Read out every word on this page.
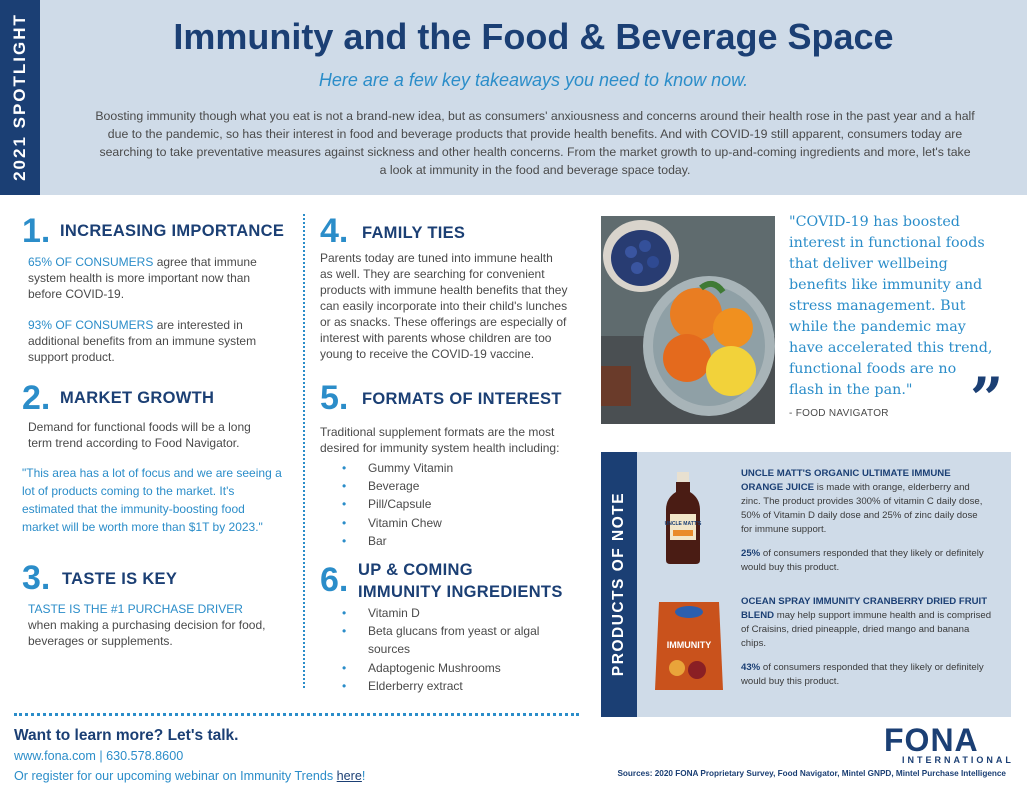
2021 SPOTLIGHT	Immunity and the Food & Beverage Space
Here are a few key takeaways you need to know now.

Boosting immunity though what you eat is not a brand-new idea, but as consumers' anxiousness and concerns around their health rose in the past year and a half due to the pandemic, so has their interest in food and beverage products that provide health benefits. And with COVID-19 still apparent, consumers today are searching to take preventative measures against sickness and other health concerns. From the market growth to up-and-coming ingredients and more, let's take a look at immunity in the food and beverage space today.

1. INCREASING IMPORTANCE

65% OF CONSUMERS agree that immune system health is more important now than before COVID-19.

93% OF CONSUMERS are interested in additional benefits from an immune system support product.

2. MARKET GROWTH

Demand for functional foods will be a long term trend according to Food Navigator.

"This area has a lot of focus and we are seeing a lot of products coming to the market. It's estimated that the immunity-boosting food market will be worth more than $1T by 2023."

3. TASTE IS KEY

TASTE IS THE #1 PURCHASE DRIVER
when making a purchasing decision for food, beverages or supplements.

4. FAMILY TIES

Parents today are tuned into immune health as well. They are searching for convenient products with immune health benefits that they can easily incorporate into their child's lunches or as snacks. These offerings are especially of interest with parents whose children are too young to receive the COVID-19 vaccine.

5. FORMATS OF INTEREST

Traditional supplement formats are the most desired for immunity system health including:

• Gummy Vitamin
• Beverage
• Pill/Capsule
• Vitamin Chew
• Bar
6. UP & COMING
IMMUNITY INGREDIENTS
• Vitamin D
• Beta glucans from yeast or algal sources
• Adaptogenic Mushrooms
• Elderberry extract

"COVID-19 has boosted interest in functional foods that deliver wellbeing benefits like immunity and stress management. But while the pandemic may have accelerated this trend, functional foods are no flash in the pan."

- FOOD NAVIGATOR ”
PRODUCTS OF NOTE	UNCLE MATT'S

UNCLE MATT'S ORGANIC ULTIMATE IMMUNE ORANGE JUICE is made with orange, elderberry and zinc. The product provides 300% of vitamin C daily dose, 50% of Vitamin D daily dose and 25% of zinc daily dose for immune support.

25% of consumers responded that they likely or definitely would buy this product.

IMMUNITY

OCEAN SPRAY IMMUNITY CRANBERRY DRIED FRUIT BLEND may help support immune health and is comprised of Craisins, dried pineapple, dried mango and banana chips.

43% of consumers responded that they likely or definitely would buy this product.

Want to learn more? Let's talk.
www.fona.com | 630.578.8600
Or register for our upcoming webinar on Immunity Trends here!
FONA
INTERNATIONAL
Sources: 2020 FONA Proprietary Survey, Food Navigator, Mintel GNPD, Mintel Purchase Intelligence
